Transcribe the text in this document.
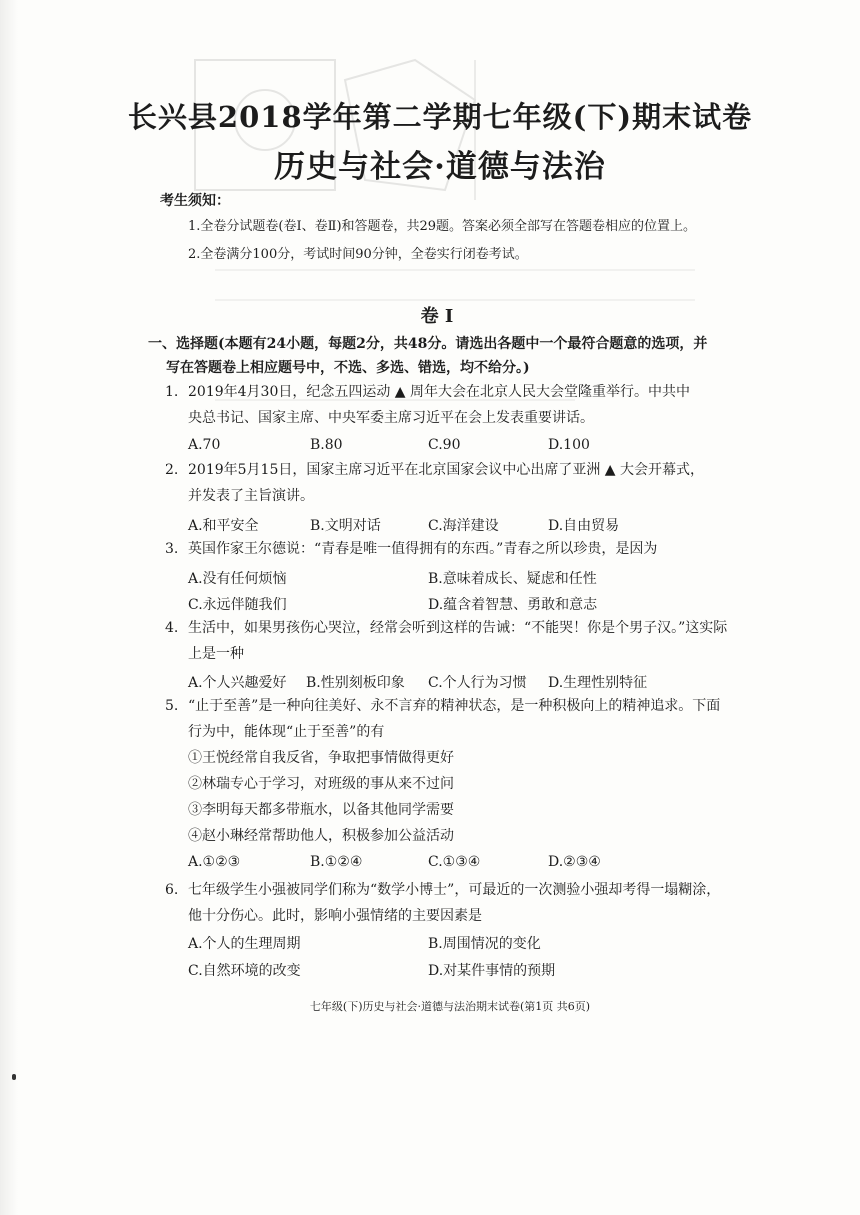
长兴县2018学年第二学期七年级(下)期末试卷
历史与社会·道德与法治
考生须知：
1.全卷分试题卷(卷Ⅰ、卷Ⅱ)和答题卷，共29题。答案必须全部写在答题卷相应的位置上。
2.全卷满分100分，考试时间90分钟，全卷实行闭卷考试。
卷 I
一、选择题(本题有24小题，每题2分，共48分。请选出各题中一个最符合题意的选项，并
写在答题卷上相应题号中，不选、多选、错选，均不给分。)
1. 2019年4月30日，纪念五四运动 ▲ 周年大会在北京人民大会堂隆重举行。中共中
央总书记、国家主席、中央军委主席习近平在会上发表重要讲话。
A.70	B.80	C.90	D.100
2. 2019年5月15日，国家主席习近平在北京国家会议中心出席了亚洲 ▲ 大会开幕式，
并发表了主旨演讲。
A.和平安全	B.文明对话	C.海洋建设	D.自由贸易
3. 英国作家王尔德说：“青春是唯一值得拥有的东西。”青春之所以珍贵，是因为
A.没有任何烦恼	B.意味着成长、疑虑和任性
C.永远伴随我们	D.蕴含着智慧、勇敢和意志
4. 生活中，如果男孩伤心哭泣，经常会听到这样的告诫：“不能哭！你是个男子汉。”这实际
上是一种
A.个人兴趣爱好 B.性别刻板印象 C.个人行为习惯 D.生理性别特征
5. “止于至善”是一种向往美好、永不言弃的精神状态，是一种积极向上的精神追求。下面
行为中，能体现“止于至善”的有
①王悦经常自我反省，争取把事情做得更好
②林瑞专心于学习，对班级的事从来不过问
③李明每天都多带瓶水，以备其他同学需要
④赵小琳经常帮助他人，积极参加公益活动
A.①②③	B.①②④	C.①③④	D.②③④
6. 七年级学生小强被同学们称为“数学小博士”，可最近的一次测验小强却考得一塌糊涂，
他十分伤心。此时，影响小强情绪的主要因素是
A.个人的生理周期	B.周围情况的变化
C.自然环境的改变	D.对某件事情的预期
七年级(下)历史与社会·道德与法治期末试卷(第1页 共6页)
